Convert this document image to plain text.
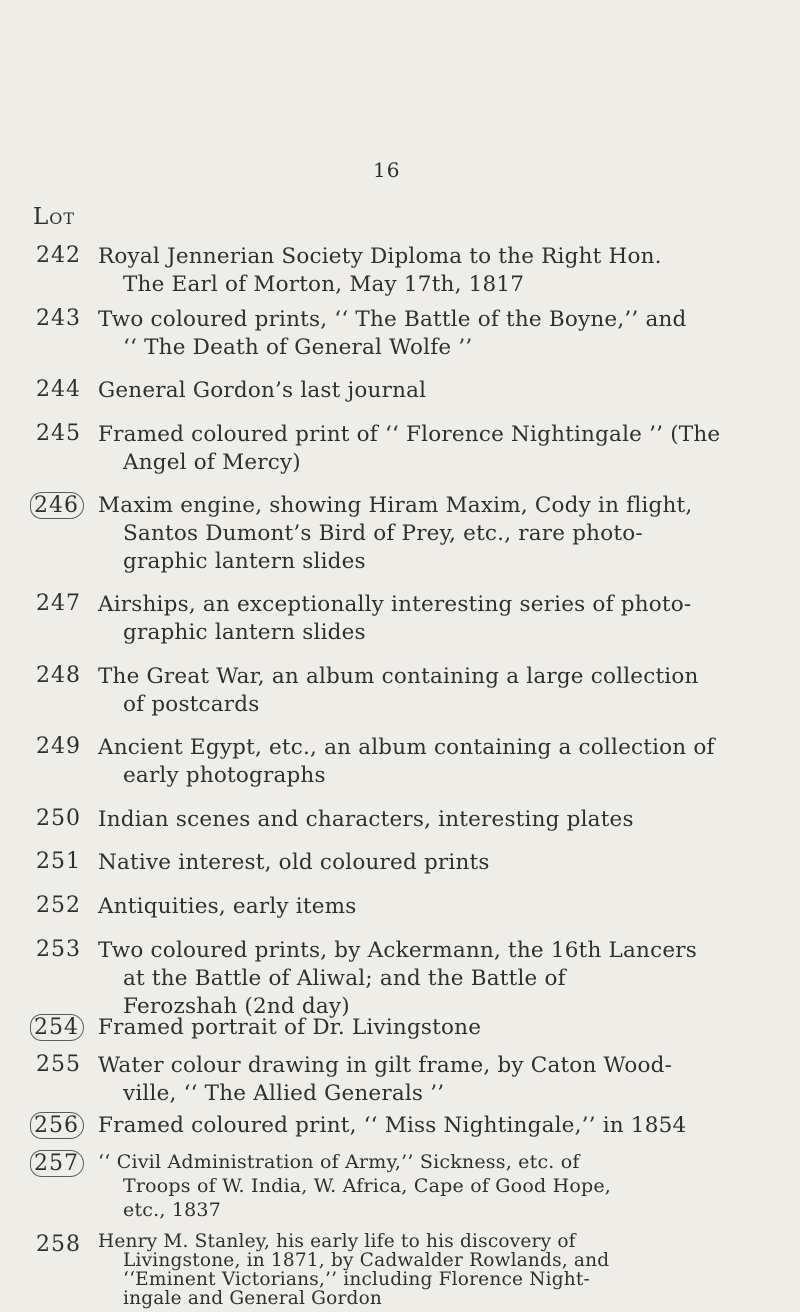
16
Lot
242 Royal Jennerian Society Diploma to the Right Hon.
The Earl of Morton, May 17th, 1817
243 Two coloured prints, ‘‘ The Battle of the Boyne,’’ and
‘‘ The Death of General Wolfe ’’
244 General Gordon’s last journal
245 Framed coloured print of ‘‘ Florence Nightingale ’’ (The
Angel of Mercy)
246 Maxim engine, showing Hiram Maxim, Cody in flight,
Santos Dumont’s Bird of Prey, etc., rare photo-
graphic lantern slides
247 Airships, an exceptionally interesting series of photo-
graphic lantern slides
248 The Great War, an album containing a large collection
of postcards
249 Ancient Egypt, etc., an album containing a collection of
early photographs
250 Indian scenes and characters, interesting plates
251 Native interest, old coloured prints
252 Antiquities, early items
253 Two coloured prints, by Ackermann, the 16th Lancers
at the Battle of Aliwal; and the Battle of
Ferozshah (2nd day)
254 Framed portrait of Dr. Livingstone
255 Water colour drawing in gilt frame, by Caton Wood-
ville, ‘‘ The Allied Generals ’’
256 Framed coloured print, ‘‘ Miss Nightingale,’’ in 1854
257 ‘‘ Civil Administration of Army,’’ Sickness, etc. of
Troops of W. India, W. Africa, Cape of Good Hope,
etc., 1837
258 Henry M. Stanley, his early life to his discovery of
Livingstone, in 1871, by Cadwalder Rowlands, and
‘‘Eminent Victorians,’’ including Florence Night-
ingale and General Gordon
